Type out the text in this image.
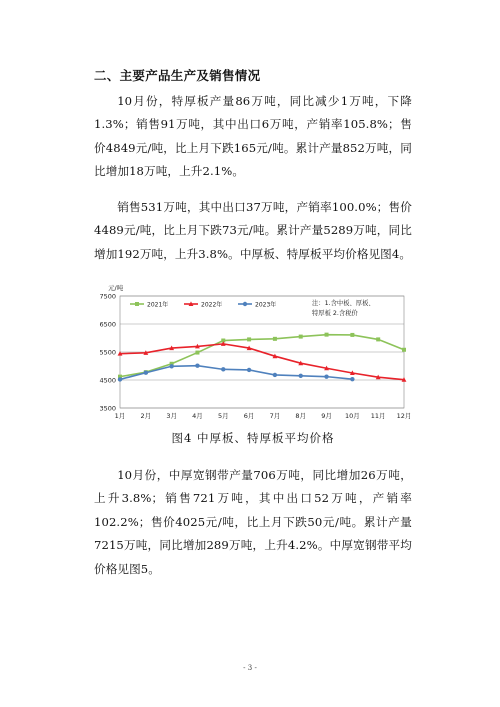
二、主要产品生产及销售情况
10月份，特厚板产量86万吨，同比减少1万吨，下降1.3%；销售91万吨，其中出口6万吨，产销率105.8%；售价4849元/吨，比上月下跌165元/吨。累计产量852万吨，同比增加18万吨，上升2.1%。
销售531万吨，其中出口37万吨，产销率100.0%；售价4489元/吨，比上月下跌73元/吨。累计产量5289万吨，同比增加192万吨，上升3.8%。中厚板、特厚板平均价格见图4。
3500
4500
5500
6500
7500
元/吨
1月 2月 3月 4月 5月 6月 7月 8月 9月 10月 11月 12月
2021年	2022年	2023年	注：1.含中板、厚板、
特厚板 2.含税价
图4 中厚板、特厚板平均价格
10月份，中厚宽钢带产量706万吨，同比增加26万吨，上升3.8%；销售721万吨，其中出口52万吨，产销率102.2%；售价4025元/吨，比上月下跌50元/吨。累计产量7215万吨，同比增加289万吨，上升4.2%。中厚宽钢带平均价格见图5。
- 3 -
